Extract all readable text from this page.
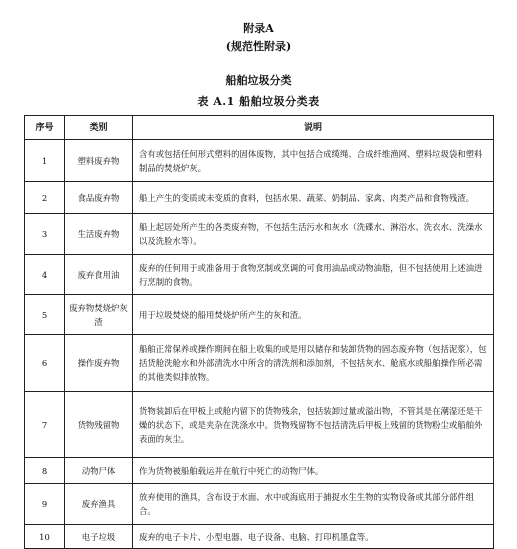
附录A
(规范性附录)
船舶垃圾分类
表 A.1 船舶垃圾分类表
序号	类别	说明
1	塑料废弃物	含有或包括任何形式塑料的固体废物，其中包括合成缆绳、合成纤维渔网、塑料垃圾袋和塑料制品的焚烧炉灰。
2	食品废弃物	船上产生的变质或未变质的食料，包括水果、蔬菜、奶制品、家禽、肉类产品和食物残渣。
3	生活废弃物	船上起居处所产生的各类废弃物，不包括生活污水和灰水（洗碟水、淋浴水、洗衣水、洗澡水以及洗脸水等）。
4	废弃食用油	废弃的任何用于或准备用于食物烹制或烹调的可食用油品或动物油脂，但不包括使用上述油进行烹制的食物。
5	废弃物焚烧炉灰渣	用于垃圾焚烧的船用焚烧炉所产生的灰和渣。
6	操作废弃物	船舶正常保养或操作期间在船上收集的或是用以储存和装卸货物的固态废弃物（包括泥浆），包括货舱洗舱水和外部清洗水中所含的清洗剂和添加剂，不包括灰水、舱底水或船舶操作所必需的其他类似排放物。
7	货物残留物	货物装卸后在甲板上或舱内留下的货物残余，包括装卸过量或溢出物，不管其是在潮湿还是干燥的状态下，或是夹杂在洗涤水中。货物残留物不包括清洗后甲板上残留的货物粉尘或船舶外表面的灰尘。
8	动物尸体	作为货物被船舶载运并在航行中死亡的动物尸体。
9	废弃渔具	放弃使用的渔具，含布设于水面、水中或海底用于捕捉水生生物的实物设备或其部分部件组合。
10	电子垃圾	废弃的电子卡片、小型电器、电子设备、电脑、打印机墨盒等。
